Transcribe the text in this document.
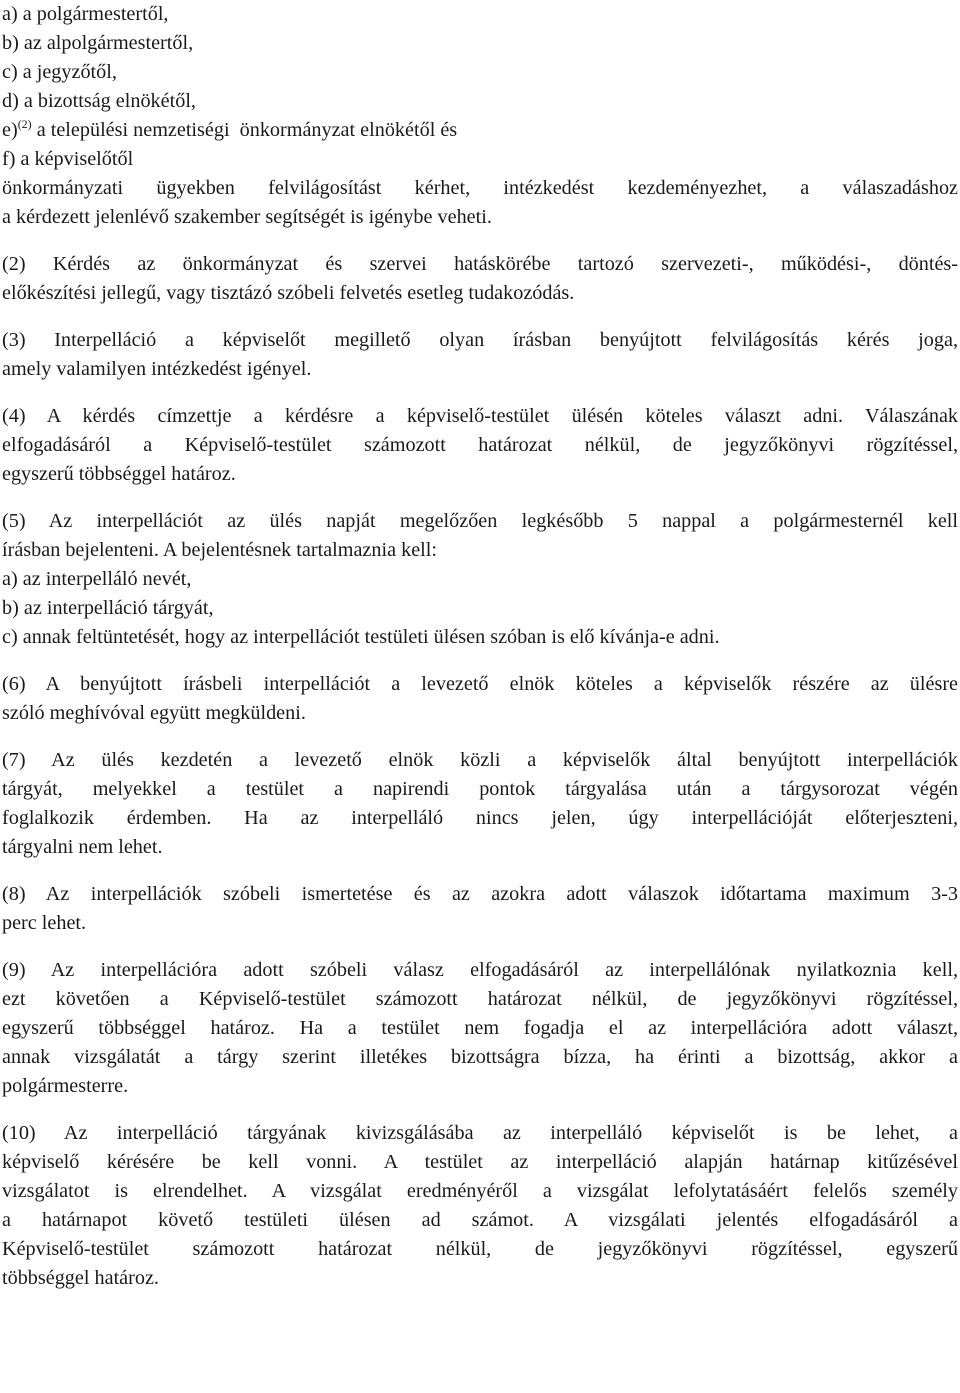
a) a polgármestertől,
b) az alpolgármestertől,
c) a jegyzőtől,
d) a bizottság elnökétől,
e)$^{(2)}$ a települési nemzetiségi  önkormányzat elnökétől és
f) a képviselőtől
önkormányzati ügyekben felvilágosítást kérhet, intézkedést kezdeményezhet, a válaszadáshoz
a kérdezett jelenlévő szakember segítségét is igénybe veheti.
(2) Kérdés az önkormányzat és szervei hatáskörébe tartozó szervezeti-, működési-, döntés-
előkészítési jellegű, vagy tisztázó szóbeli felvetés esetleg tudakozódás.
(3) Interpelláció a képviselőt megillető olyan írásban benyújtott felvilágosítás kérés joga,
amely valamilyen intézkedést igényel.
(4) A kérdés címzettje a kérdésre a képviselő-testület ülésén köteles választ adni. Válaszának
elfogadásáról a Képviselő-testület számozott határozat nélkül, de jegyzőkönyvi rögzítéssel,
egyszerű többséggel határoz.
(5) Az interpellációt az ülés napját megelőzően legkésőbb 5 nappal a polgármesternél kell
írásban bejelenteni. A bejelentésnek tartalmaznia kell:
a) az interpelláló nevét,
b) az interpelláció tárgyát,
c) annak feltüntetését, hogy az interpellációt testületi ülésen szóban is elő kívánja-e adni.
(6) A benyújtott írásbeli interpellációt a levezető elnök köteles a képviselők részére az ülésre
szóló meghívóval együtt megküldeni.
(7) Az ülés kezdetén a levezető elnök közli a képviselők által benyújtott interpellációk
tárgyát, melyekkel a testület a napirendi pontok tárgyalása után a tárgysorozat végén
foglalkozik érdemben. Ha az interpelláló nincs jelen, úgy interpellációját előterjeszteni,
tárgyalni nem lehet.
(8) Az interpellációk szóbeli ismertetése és az azokra adott válaszok időtartama maximum 3-3
perc lehet.
(9) Az interpellációra adott szóbeli válasz elfogadásáról az interpellálónak nyilatkoznia kell,
ezt követően a Képviselő-testület számozott határozat nélkül, de jegyzőkönyvi rögzítéssel,
egyszerű többséggel határoz. Ha a testület nem fogadja el az interpellációra adott választ,
annak vizsgálatát a tárgy szerint illetékes bizottságra bízza, ha érinti a bizottság, akkor a
polgármesterre.
(10) Az interpelláció tárgyának kivizsgálásába az interpelláló képviselőt is be lehet, a
képviselő kérésére be kell vonni. A testület az interpelláció alapján határnap kitűzésével
vizsgálatot is elrendelhet. A vizsgálat eredményéről a vizsgálat lefolytatásáért felelős személy
a határnapot követő testületi ülésen ad számot. A vizsgálati jelentés elfogadásáról a
Képviselő-testület számozott határozat nélkül, de jegyzőkönyvi rögzítéssel, egyszerű
többséggel határoz.
